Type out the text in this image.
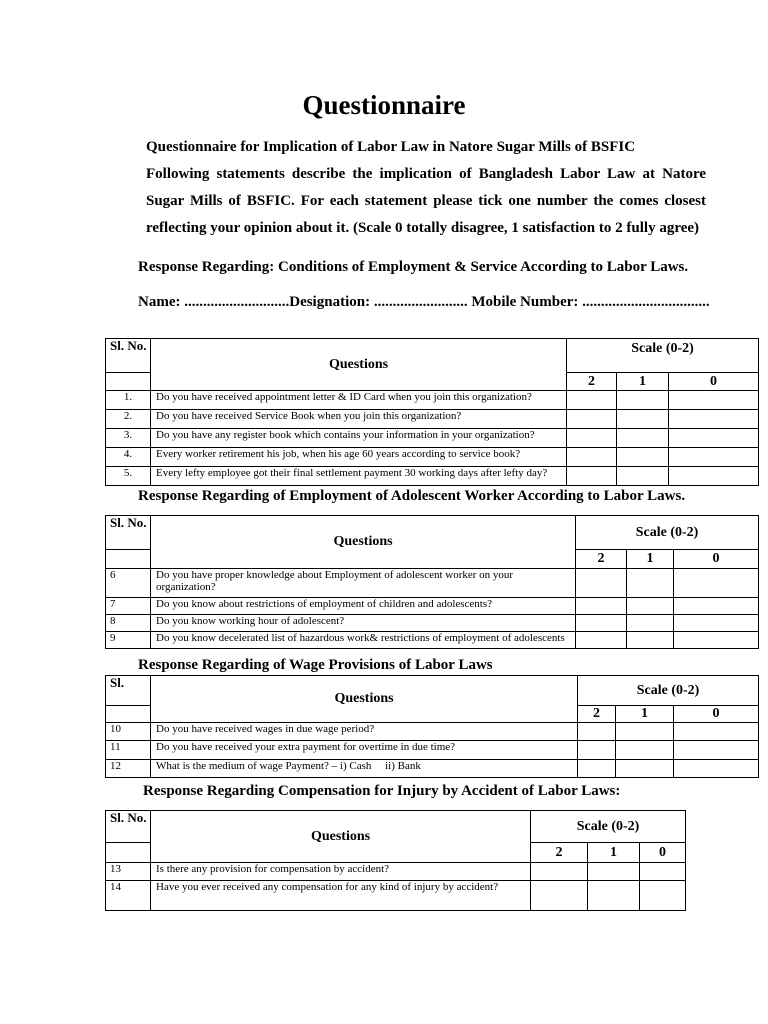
Questionnaire

Questionnaire for Implication of Labor Law in Natore Sugar Mills of BSFIC

Following statements describe the implication of Bangladesh Labor Law at Natore Sugar Mills of BSFIC. For each statement please tick one number the comes closest reflecting your opinion about it. (Scale 0 totally disagree, 1 satisfaction to 2 fully agree)

Response Regarding: Conditions of Employment & Service According to Labor Laws.
Name: ............................Designation: ......................... Mobile Number: ..................................
Sl. No.	Questions	Scale (0-2)		
		2	1	0
1.	Do you have received appointment letter & ID Card when you join this organization?			
2.	Do you have received Service Book when you join this organization?			
3.	Do you have any register book which contains your information in your organization?			
4.	Every worker retirement his job, when his age 60 years according to service book?			
5.	Every lefty employee got their final settlement payment 30 working days after lefty day?			
Response Regarding of Employment of Adolescent Worker According to Labor Laws.
Sl. No.	Questions	Scale (0-2)		
		2	1	0
6	Do you have proper knowledge about Employment of adolescent worker on your organization?			
7	Do you know about restrictions of employment of children and adolescents?			
8	Do you know working hour of adolescent?			
9	Do you know decelerated list of hazardous work& restrictions of employment of adolescents			
Response Regarding of Wage Provisions of Labor Laws
Sl.	Questions	Scale (0-2)		
		2	1	0
10	Do you have received wages in due wage period?			
11	Do you have received your extra payment for overtime in due time?			
12	What is the medium of wage Payment? – i) Cash     ii) Bank			
Response Regarding Compensation for Injury by Accident of Labor Laws:
Sl. No.	Questions	Scale (0-2)		
		2	1	0
13	Is there any provision for compensation by accident?			
14	Have you ever received any compensation for any kind of injury by accident?			
